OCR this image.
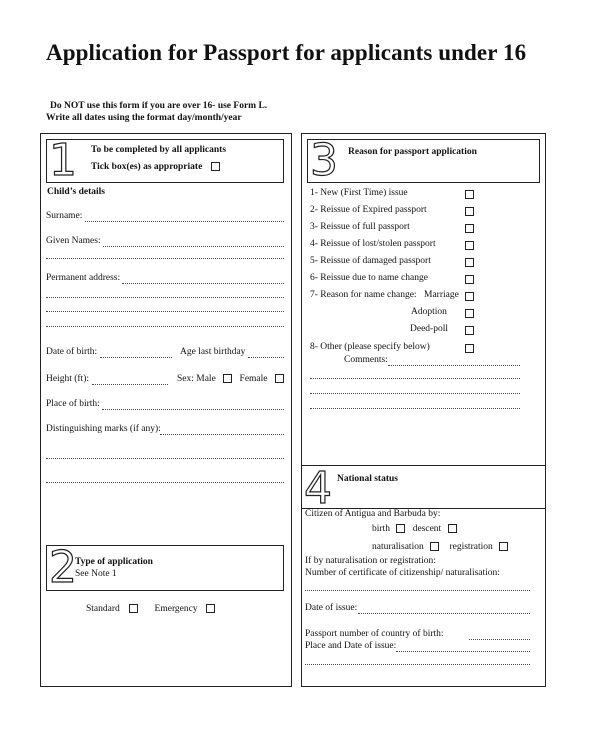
Application for Passport for applicants under 16
Do NOT use this form if you are over 16- use Form L.
Write all dates using the format day/month/year
1 To be completed by all applicants
Tick box(es) as appropriate
Child’s details
Surname:
Given Names:
Permanent address:
Date of birth:	Age last birthday
Height (ft):	Sex: Male	Female
Place of birth:
Distinguishing marks (if any):
2
Type of application
See Note 1
Standard	Emergency
3 Reason for passport application
1- New (First Time) issue
2- Reissue of Expired passport
3- Reissue of full passport
4- Reissue of lost/stolen passport
5- Reissue of damaged passport
6- Reissue due to name change
7- Reason for name change: Marriage
Adoption
Deed-poll
8- Other (please specify below)
Comments:
4 National status
Citizen of Antigua and Barbuda by:
birth descent
naturalisation	registration
If by naturalisation or registration:
Number of certificate of citizenship/ naturalisation:
Date of issue:
Passport number of country of birth:
Place and Date of issue:
